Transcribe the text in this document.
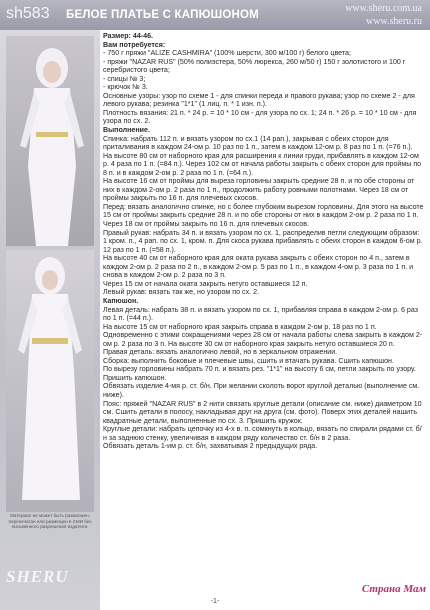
sh583 БЕЛОЕ ПЛАТЬЕ С КАПЮШОНОМ
www.sheru.com.ua
www.sheru.ru
Материал не может быть размножен, перепечатан или размещен в СМИ без письменного разрешения издателя.
SHERU

Размер: 44-46.

Вам потребуется:

- 750 г пряжи "ALIZE CASHMIRA" (100% шерсти, 300 м/100 г) белого цвета;

- пряжи "NAZAR RUS" (50% полиэстера, 50% люрекса, 260 м/50 г) 150 г золотистого и 100 г серебристого цвета;

- спицы № 3;

- крючок № 3.

Основные узоры: узор по схеме 1 - для спинки переда и правого рукава; узор по схеме 2 - для левого рукава; резинка "1*1" (1 лиц. п. * 1 изн. п.).

Плотность вязания: 21 п. * 24 р. = 10 * 10 см - для узора по сх. 1; 24 п. * 26 р. = 10 * 10 см - для узора по сх. 2.

Выполнение.

Спинка: набрать 112 п. и вязать узором по сх.1 (14 рап.), закрывая с обеих сторон для приталивания в каждом 24-ом р. 10 раз по 1 п., затем в каждом 12-ом р. 8 раз по 1 п. (=76 п.).

На высоте 80 см от наборного края для расширения к линии груди, прибавлять в каждом 12-ом р. 4 раза по 1 п. (=84 п.). Через 102 см от начала работы закрыть с обеих сторон для проймы по 8 п. и в каждом 2-ом р. 2 раза по 1 п. (=64 п.).

На высоте 16 см от проймы для выреза горловины закрыть средние 28 п. и по обе стороны от них в каждом 2-ом р. 2 раза по 1 п., продолжить работу ровными полотнами. Через 18 см от проймы закрыть по 16 п. для плечевых скосов.

Перед: вязать аналогично спинке, но с более глубоким вырезом горловины. Для этого на высоте 15 см от проймы закрыть средние 28 п. и по обе стороны от них в каждом 2-ом р. 2 раза по 1 п. Через 18 см от проймы закрыть по 16 п. для плечевых скосов.

Правый рукав: набрать 34 п. и вязать узором по сх. 1, распределив петли следующим образом: 1 кром. п., 4 рап. по сх. 1, кром. п. Для скоса рукава прибавлять с обеих сторон в каждом 6-ом р. 12 раз по 1 п. (=58 п.).

На высоте 40 см от наборного края для оката рукава закрыть с обеих сторон по 4 п., затем в каждом 2-ом р. 2 раза по 2 п., в каждом 2-ом р. 5 раз по 1 п., в каждом 4-ом р. 3 раза по 1 п. и снова в каждом 2-ом р. 2 раза по 3 п.

Через 15 см от начала оката закрыть нетуго оставшиеся 12 п.

Левый рукав: вязать так же, но узором по сх. 2.

Капюшон.

Левая деталь: набрать 38 п. и вязать узором по сх. 1, прибавляя справа в каждом 2-ом р. 6 раз по 1 п. (=44 п.).

На высоте 15 см от наборного края закрыть справа в каждом 2-ом р. 18 раз по 1 п.

Одновременно с этими сокращениями через 28 см от начала работы слева закрыть в каждом 2-ом р. 2 раза по 3 п. На высоте 30 см от наборного края закрыть нетуго оставшиеся 20 п.

Правая деталь: вязать аналогично левой, но в зеркальном отражении.

Сборка: выполнить боковые и плечевые швы, сшить и втачать рукава. Сшить капюшон.

По вырезу горловины набрать 70 п. и вязать рез. "1*1" на высоту 6 см, петли закрыть по узору. Пришить капюшон.

Обвязать изделие 4-мя р. ст. б/н. При желании сколоть ворот круглой деталью (выполнение см. ниже).

Пояс: пряжей "NAZAR RUS" в 2 нити связать круглые детали (описание см. ниже) диаметром 10 см. Сшить детали в полосу, накладывая друг на друга (см. фото). Поверх этих деталей нашить квадратные детали, выполненные по сх. 3. Пришить кружок.

Круглые детали: набрать цепочку из 4-х в. п. сомкнуть в кольцо, вязать по спирали рядами ст. б/н за заднюю стенку, увеличивая в каждом ряду количество ст. б/н в 2 раза.

Обвязать деталь 1-им р. ст. б/н, захватывая 2 предыдущих ряда.

-1-
Страна Мам
